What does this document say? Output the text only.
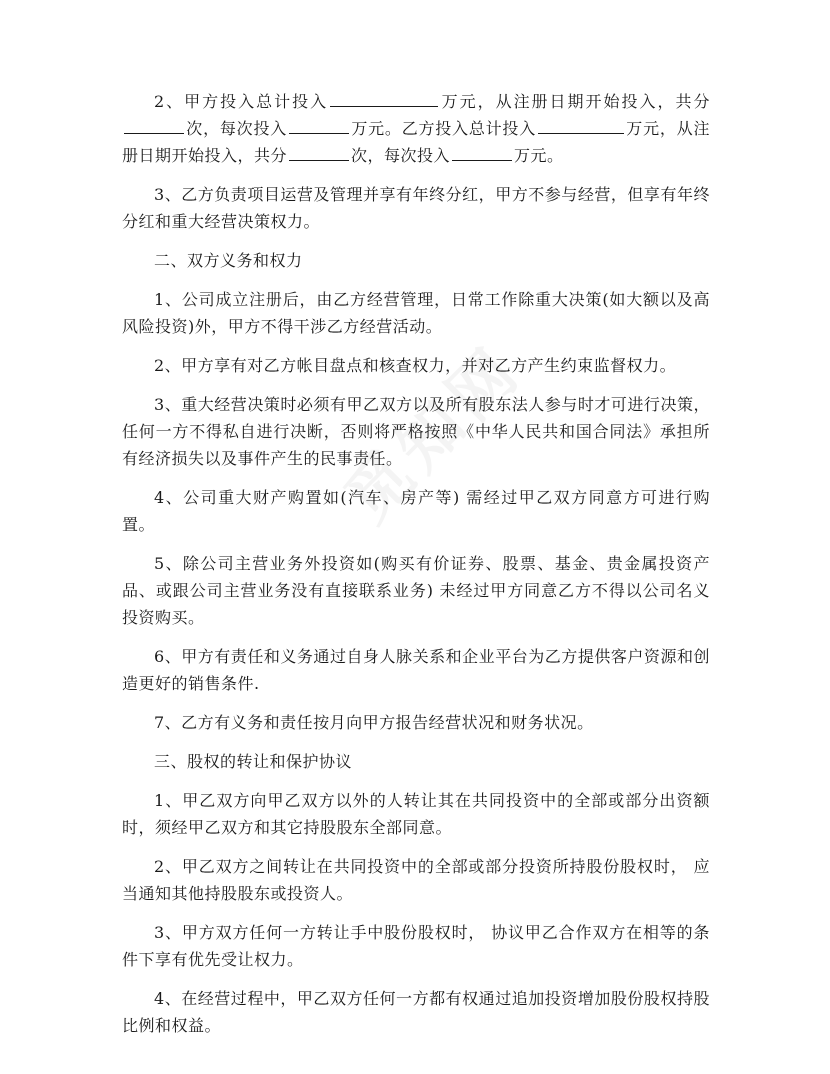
2、甲方投入总计投入	万元，从注册日期开始投入，共分次，每次投入	万元。乙方投入总计投入	万元，从注册日期开始投入，共分	次，每次投入	万元。

3、乙方负责项目运营及管理并享有年终分红，甲方不参与经营，但享有年终分红和重大经营决策权力。

二、双方义务和权力

1、公司成立注册后，由乙方经营管理，日常工作除重大决策(如大额以及高风险投资)外，甲方不得干涉乙方经营活动。

2、甲方享有对乙方帐目盘点和核查权力，并对乙方产生约束监督权力。

3、重大经营决策时必须有甲乙双方以及所有股东法人参与时才可进行决策，任何一方不得私自进行决断，否则将严格按照《中华人民共和国合同法》承担所有经济损失以及事件产生的民事责任。

4、公司重大财产购置如(汽车、房产等) 需经过甲乙双方同意方可进行购置。

5、除公司主营业务外投资如(购买有价证券、股票、基金、贵金属投资产品、或跟公司主营业务没有直接联系业务) 未经过甲方同意乙方不得以公司名义投资购买。

6、甲方有责任和义务通过自身人脉关系和企业平台为乙方提供客户资源和创造更好的销售条件.

7、乙方有义务和责任按月向甲方报告经营状况和财务状况。

三、股权的转让和保护协议

1、甲乙双方向甲乙双方以外的人转让其在共同投资中的全部或部分出资额时，须经甲乙双方和其它持股股东全部同意。

2、甲乙双方之间转让在共同投资中的全部或部分投资所持股份股权时， 应当通知其他持股股东或投资人。

3、甲方双方任何一方转让手中股份股权时， 协议甲乙合作双方在相等的条件下享有优先受让权力。

4、在经营过程中，甲乙双方任何一方都有权通过追加投资增加股份股权持股比例和权益。
